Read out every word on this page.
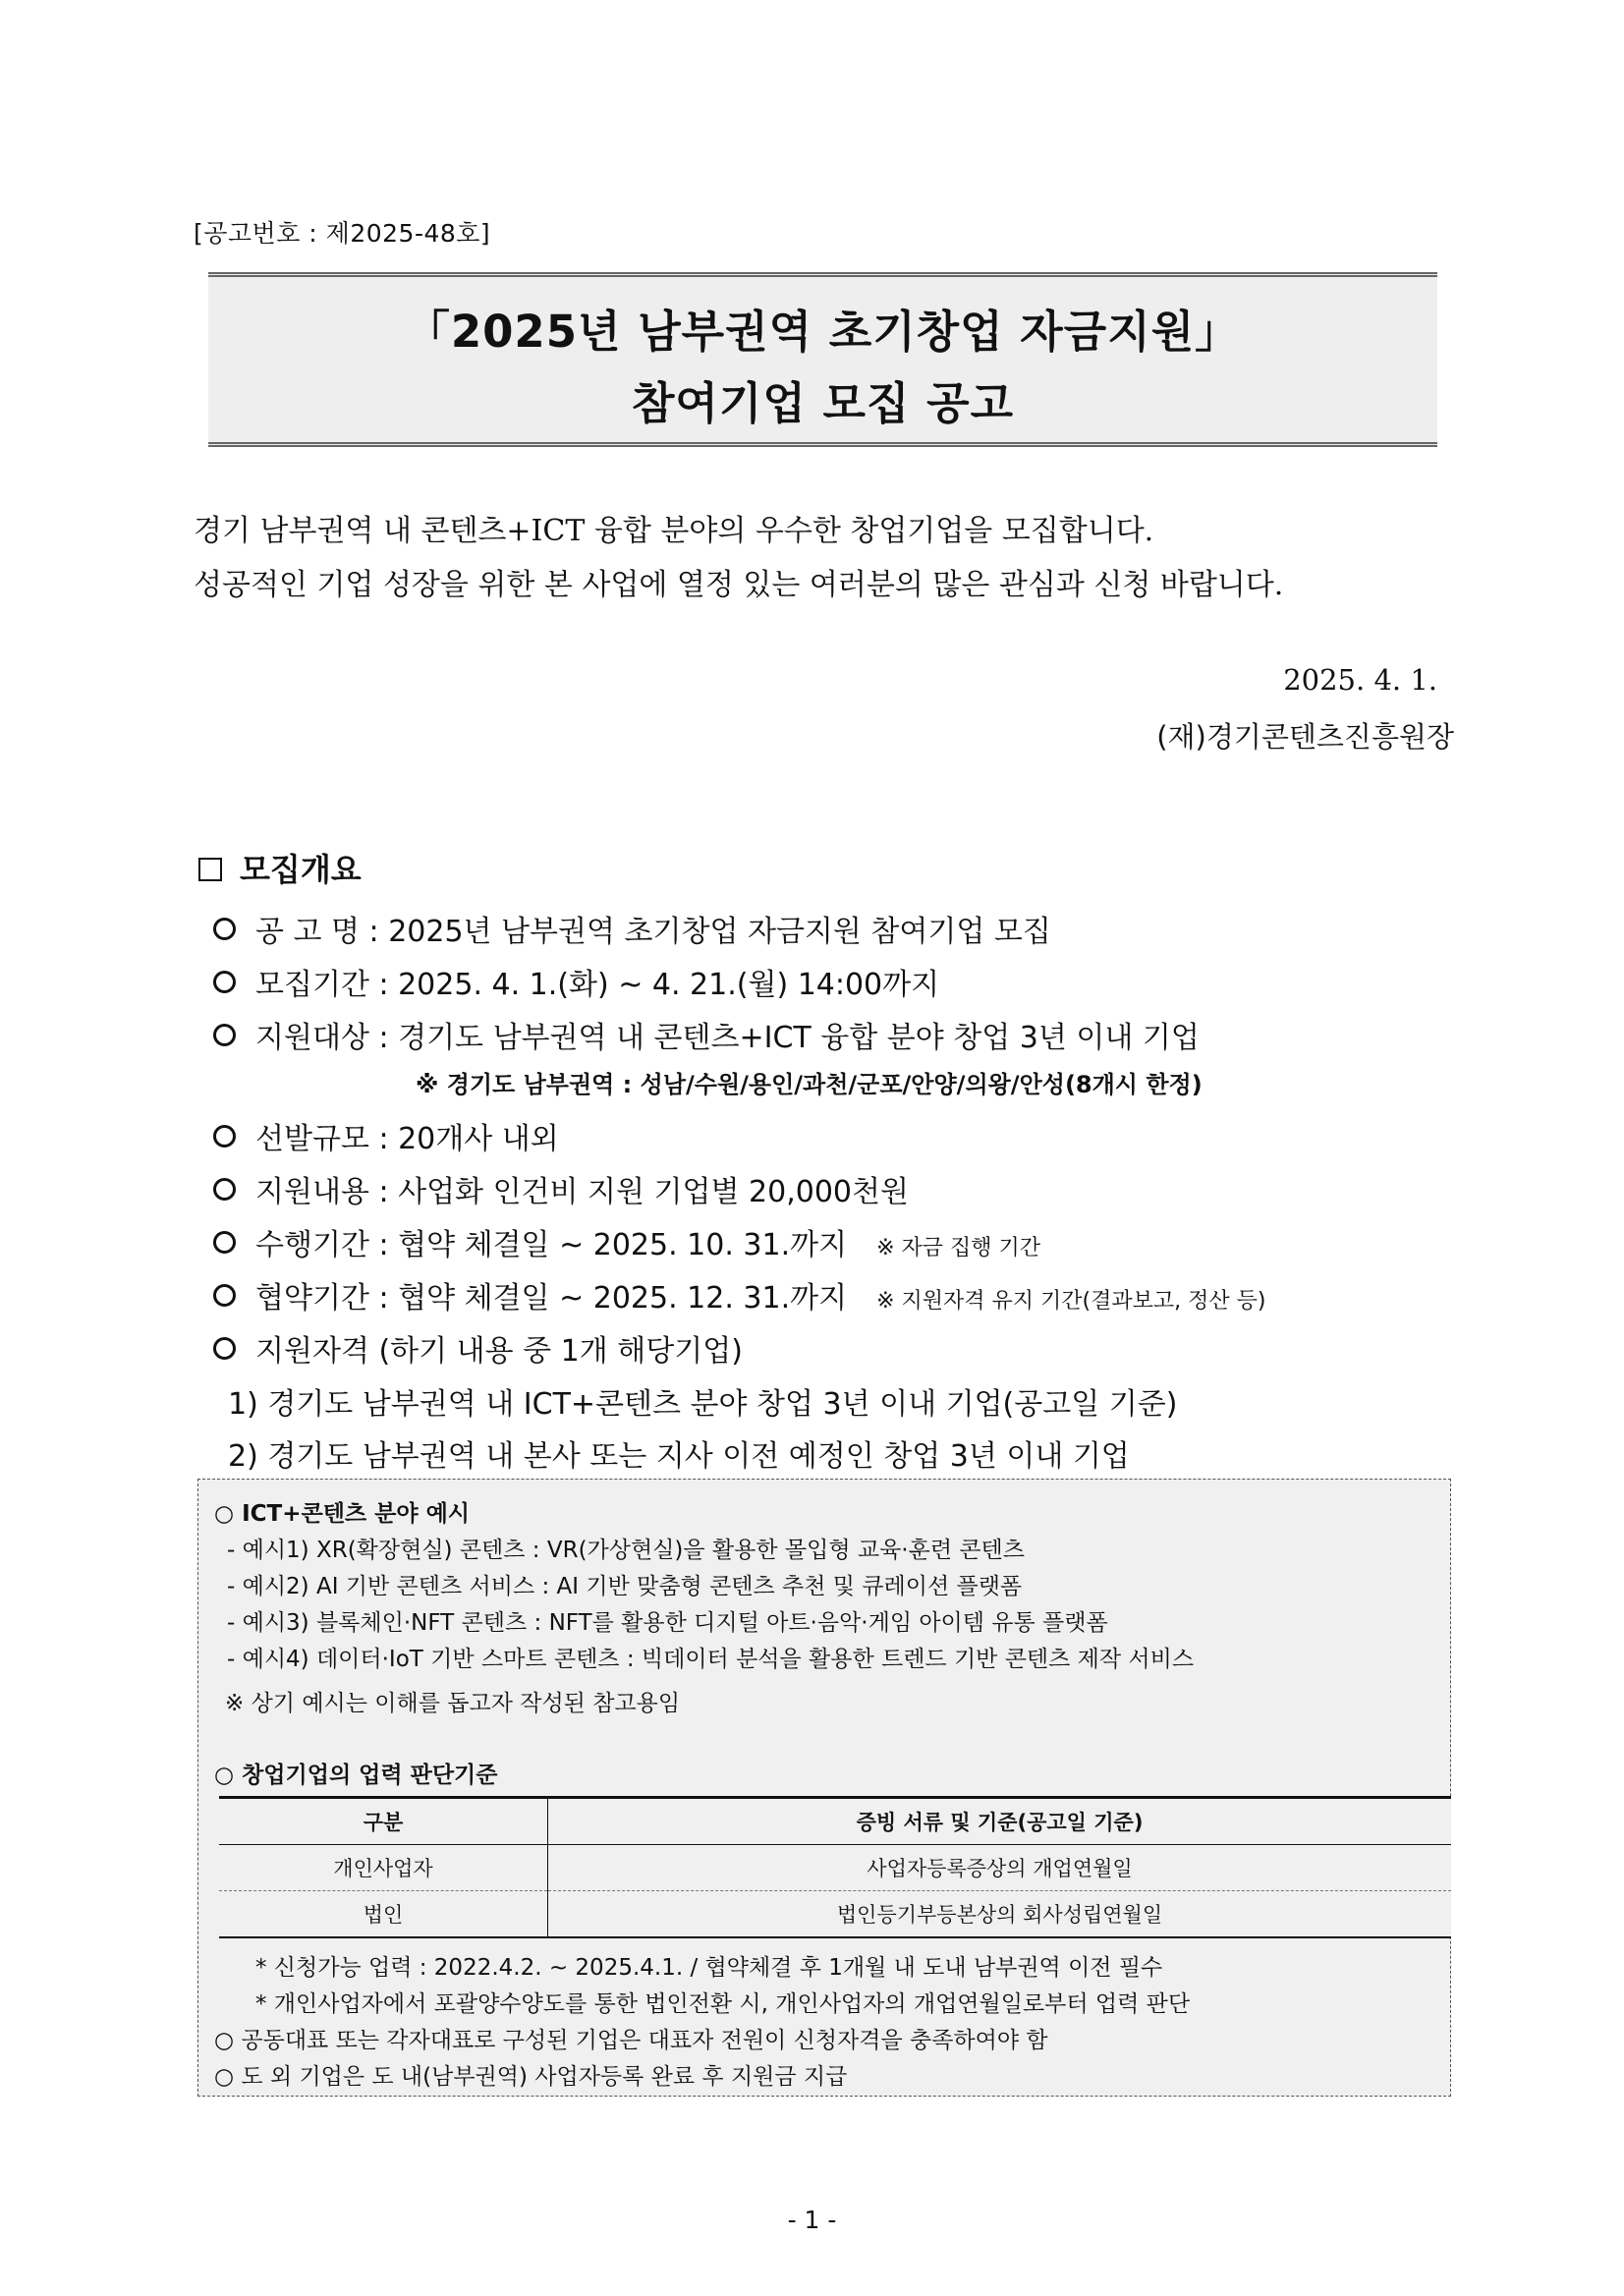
[공고번호 : 제2025-48호]
「2025년 남부권역 초기창업 자금지원」
참여기업 모집 공고
경기 남부권역 내 콘텐츠+ICT 융합 분야의 우수한 창업기업을 모집합니다.
성공적인 기업 성장을 위한 본 사업에 열정 있는 여러분의 많은 관심과 신청 바랍니다.
2025. 4. 1.
(재)경기콘텐츠진흥원장
모집개요
공 고 명 : 2025년 남부권역 초기창업 자금지원 참여기업 모집
모집기간 : 2025. 4. 1.(화) ~ 4. 21.(월) 14:00까지
지원대상 : 경기도 남부권역 내 콘텐츠+ICT 융합 분야 창업 3년 이내 기업
※ 경기도 남부권역 : 성남/수원/용인/과천/군포/안양/의왕/안성(8개시 한정)
선발규모 : 20개사 내외
지원내용 : 사업화 인건비 지원 기업별 20,000천원
수행기간 : 협약 체결일 ~ 2025. 10. 31.까지 ※ 자금 집행 기간
협약기간 : 협약 체결일 ~ 2025. 12. 31.까지 ※ 지원자격 유지 기간(결과보고, 정산 등)
지원자격 (하기 내용 중 1개 해당기업)
1) 경기도 남부권역 내 ICT+콘텐츠 분야 창업 3년 이내 기업(공고일 기준)
2) 경기도 남부권역 내 본사 또는 지사 이전 예정인 창업 3년 이내 기업
○ ICT+콘텐츠 분야 예시
- 예시1) XR(확장현실) 콘텐츠 : VR(가상현실)을 활용한 몰입형 교육·훈련 콘텐츠
- 예시2) AI 기반 콘텐츠 서비스 : AI 기반 맞춤형 콘텐츠 추천 및 큐레이션 플랫폼
- 예시3) 블록체인·NFT 콘텐츠 : NFT를 활용한 디지털 아트·음악·게임 아이템 유통 플랫폼
- 예시4) 데이터·IoT 기반 스마트 콘텐츠 : 빅데이터 분석을 활용한 트렌드 기반 콘텐츠 제작 서비스
※ 상기 예시는 이해를 돕고자 작성된 참고용임
○ 창업기업의 업력 판단기준
구분	증빙 서류 및 기준(공고일 기준)
개인사업자	사업자등록증상의 개업연월일
법인	법인등기부등본상의 회사성립연월일
* 신청가능 업력 : 2022.4.2. ~ 2025.4.1. / 협약체결 후 1개월 내 도내 남부권역 이전 필수
* 개인사업자에서 포괄양수양도를 통한 법인전환 시, 개인사업자의 개업연월일로부터 업력 판단
○ 공동대표 또는 각자대표로 구성된 기업은 대표자 전원이 신청자격을 충족하여야 함
○ 도 외 기업은 도 내(남부권역) 사업자등록 완료 후 지원금 지급
- 1 -
